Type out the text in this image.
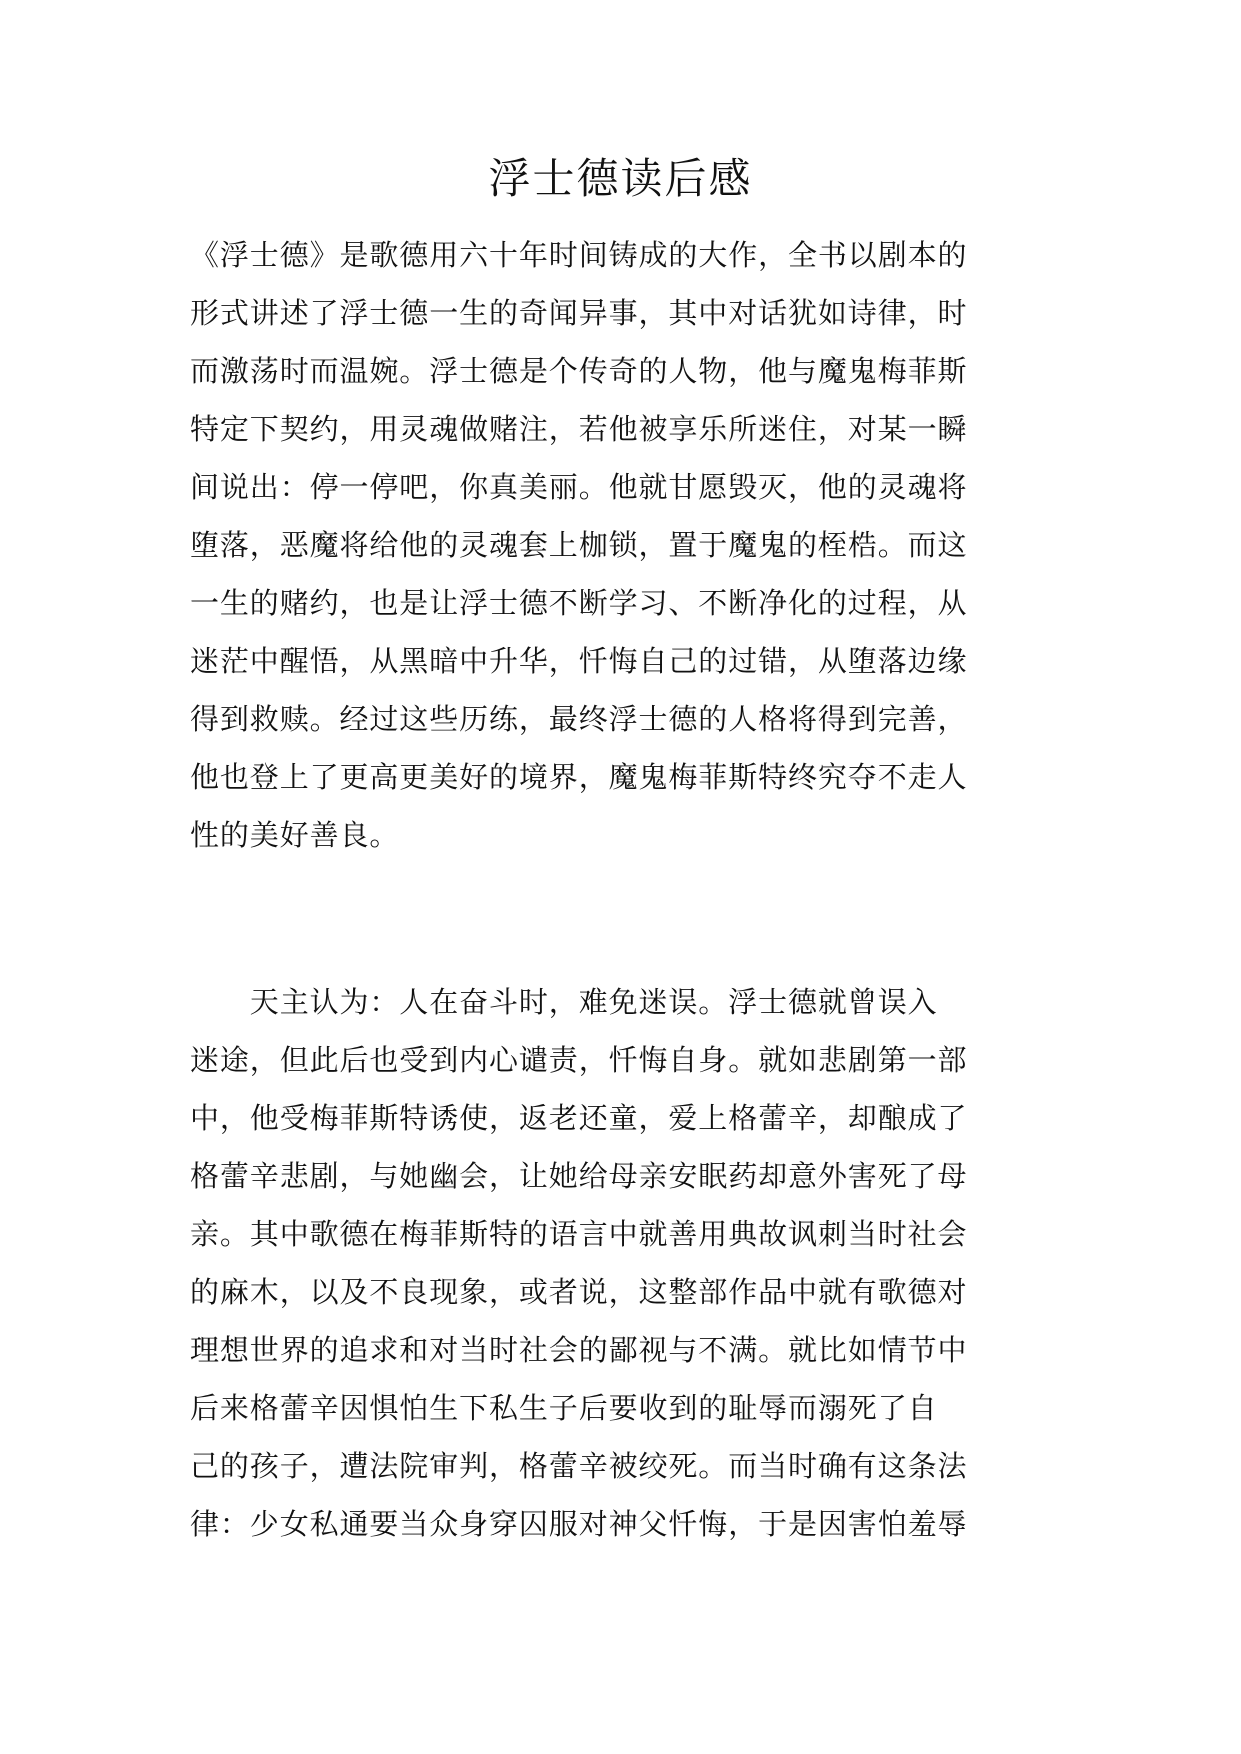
浮士德读后感
《浮士德》是歌德用六十年时间铸成的大作，全书以剧本的
形式讲述了浮士德一生的奇闻异事，其中对话犹如诗律，时
而激荡时而温婉。浮士德是个传奇的人物，他与魔鬼梅菲斯
特定下契约，用灵魂做赌注，若他被享乐所迷住，对某一瞬
间说出：停一停吧，你真美丽。他就甘愿毁灭，他的灵魂将
堕落，恶魔将给他的灵魂套上枷锁，置于魔鬼的桎梏。而这
一生的赌约，也是让浮士德不断学习、不断净化的过程，从
迷茫中醒悟，从黑暗中升华，忏悔自己的过错，从堕落边缘
得到救赎。经过这些历练，最终浮士德的人格将得到完善，
他也登上了更高更美好的境界，魔鬼梅菲斯特终究夺不走人
性的美好善良。
　　天主认为：人在奋斗时，难免迷误。浮士德就曾误入
迷途，但此后也受到内心谴责，忏悔自身。就如悲剧第一部
中，他受梅菲斯特诱使，返老还童，爱上格蕾辛，却酿成了
格蕾辛悲剧，与她幽会，让她给母亲安眠药却意外害死了母
亲。其中歌德在梅菲斯特的语言中就善用典故讽刺当时社会
的麻木，以及不良现象，或者说，这整部作品中就有歌德对
理想世界的追求和对当时社会的鄙视与不满。就比如情节中
后来格蕾辛因惧怕生下私生子后要收到的耻辱而溺死了自
己的孩子，遭法院审判，格蕾辛被绞死。而当时确有这条法
律：少女私通要当众身穿囚服对神父忏悔，于是因害怕羞辱
